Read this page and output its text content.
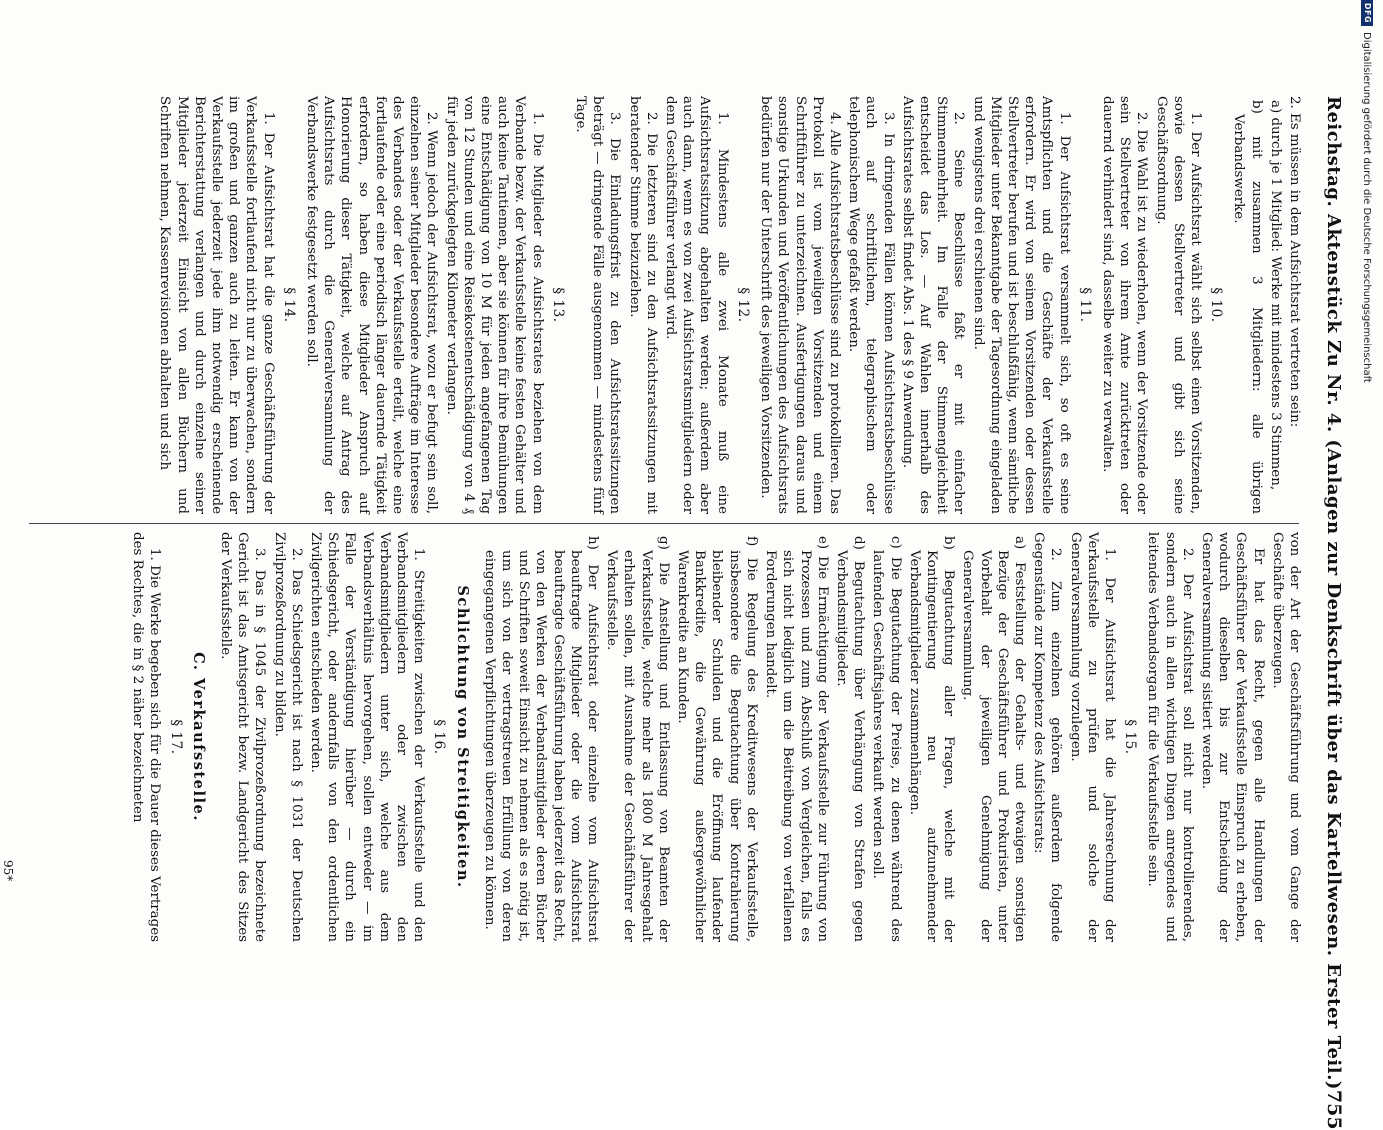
DFG
Digitalisierung gefördert durch die Deutsche Forschungsgemeinschaft
Reichstag. Aktenstück Zu Nr. 4. (Anlagen zur Denkschrift über das Kartellwesen. Erster Teil.)
755

2. Es müssen in dem Aufsichtsrat vertreten sein:

a) durch je 1 Mitglied: Werke mit mindestens 3 Stimmen,

b) mit zusammen 3 Mitgliedern: alle übrigen Verbandswerke.

§ 10.

1. Der Aufsichtsrat wählt sich selbst einen Vorsitzenden, sowie dessen Stellvertreter und gibt sich seine Geschäftsordnung.

2. Die Wahl ist zu wiederholen, wenn der Vorsitzende oder sein Stellvertreter von ihrem Amte zurücktreten oder dauernd verhindert sind, dasselbe weiter zu verwalten.

§ 11.

1. Der Aufsichtsrat versammelt sich, so oft es seine Amtspflichten und die Geschäfte der Verkaufsstelle erfordern. Er wird von seinem Vorsitzenden oder dessen Stellvertreter berufen und ist beschlußfähig, wenn sämtliche Mitglieder unter Bekanntgabe der Tagesordnung eingeladen und wenigstens drei erschienen sind.

2. Seine Beschlüsse faßt er mit einfacher Stimmenmehrheit. Im Falle der Stimmengleichheit entscheidet das Los. — Auf Wahlen innerhalb des Aufsichtsrates selbst findet Abs. 1 des § 9 Anwendung.

3. In dringenden Fällen können Aufsichtsratsbeschlüsse auch auf schriftlichem, telegraphischem oder telephonischem Wege gefaßt werden.

4. Alle Aufsichtsratsbeschlüsse sind zu protokollieren. Das Protokoll ist vom jeweiligen Vorsitzenden und einem Schriftführer zu unterzeichnen. Ausfertigungen daraus und sonstige Urkunden und Veröffentlichungen des Aufsichtsrats bedürfen nur der Unterschrift des jeweiligen Vorsitzenden.

§ 12.

1. Mindestens alle zwei Monate muß eine Aufsichtsratssitzung abgehalten werden; außerdem aber auch dann, wenn es von zwei Aufsichtsratsmitgliedern oder dem Geschäftsführer verlangt wird.

2. Die letzteren sind zu den Aufsichtsratssitzungen mit beratender Stimme beizuziehen.

3. Die Einladungsfrist zu den Aufsichtsratssitzungen beträgt — dringende Fälle ausgenommen — mindestens fünf Tage.

§ 13.

1. Die Mitglieder des Aufsichtsrates beziehen von dem Verbande bezw. der Verkaufsstelle keine festen Gehälter und auch keine Tantiemen, aber sie können für ihre Bemühungen eine Entschädigung von 10 M für jeden angefangenen Tag von 12 Stunden und eine Reisekostenentschädigung von 4 ₰ für jeden zurückgelegten Kilometer verlangen.

2. Wenn jedoch der Aufsichtsrat, wozu er befugt sein soll, einzelnen seiner Mitglieder besondere Aufträge im Interesse des Verbandes oder der Verkaufsstelle erteilt, welche eine fortlaufende oder eine periodisch länger dauernde Tätigkeit erfordern, so haben diese Mitglieder Anspruch auf Honorierung dieser Tätigkeit, welche auf Antrag des Aufsichtsrats durch die Generalversammlung der Verbandswerke festgesetzt werden soll.

§ 14.

1. Der Aufsichtsrat hat die ganze Geschäftsführung der Verkaufsstelle fortlaufend nicht nur zu überwachen, sondern im großen und ganzen auch zu leiten. Er kann von der Verkaufsstelle jederzeit jede ihm notwendig erscheinende Berichterstattung verlangen und durch einzelne seiner Mitglieder jederzeit Einsicht von allen Büchern und Schriften nehmen, Kassenrevisionen abhalten und sich

von der Art der Geschäftsführung und vom Gange der Geschäfte überzeugen.

Er hat das Recht, gegen alle Handlungen der Geschäftsführer der Verkaufsstelle Einspruch zu erheben, wodurch dieselben bis zur Entscheidung der Generalversammlung sistiert werden.

2. Der Aufsichtsrat soll nicht nur kontrollierendes, sondern auch in allen wichtigen Dingen anregendes und leitendes Verbandsorgan für die Verkaufsstelle sein.

§ 15.

1. Der Aufsichtsrat hat die Jahresrechnung der Verkaufsstelle zu prüfen und solche der Generalversammlung vorzulegen.

2. Zum einzelnen gehören außerdem folgende Gegenstände zur Kompetenz des Aufsichtsrats:

a) Feststellung der Gehalts- und etwaigen sonstigen Bezüge der Geschäftsführer und Prokuristen, unter Vorbehalt der jeweiligen Genehmigung der Generalversammlung.

b) Begutachtung aller Fragen, welche mit der Kontingentierung neu aufzunehmender Verbandsmitglieder zusammenhängen.

c) Die Begutachtung der Preise, zu denen während des laufenden Geschäftsjahres verkauft werden soll.

d) Begutachtung über Verhängung von Strafen gegen Verbandsmitglieder.

e) Die Ermächtigung der Verkaufsstelle zur Führung von Prozessen und zum Abschluß von Vergleichen, falls es sich nicht lediglich um die Beitreibung von verfallenen Forderungen handelt.

f) Die Regelung des Kreditwesens der Verkaufsstelle, insbesondere die Begutachtung über Kontrahierung bleibender Schulden und die Eröffnung laufender Bankkredite, die Gewährung außergewöhnlicher Warenkredite an Kunden.

g) Die Anstellung und Entlassung von Beamten der Verkaufsstelle, welche mehr als 1800 M Jahresgehalt erhalten sollen, mit Ausnahme der Geschäftsführer der Verkaufsstelle.

h) Der Aufsichtsrat oder einzelne vom Aufsichtsrat beauftragte Mitglieder oder die vom Aufsichtsrat beauftragte Geschäftsführung haben jederzeit das Recht, von den Werken der Verbandsmitglieder deren Bücher und Schriften soweit Einsicht zu nehmen als es nötig ist, um sich von der vertragstreuen Erfüllung von deren eingegangenen Verpflichtungen überzeugen zu können.

Schlichtung von Streitigkeiten.
§ 16.

1. Streitigkeiten zwischen der Verkaufsstelle und den Verbandsmitgliedern oder zwischen den Verbandsmitgliedern unter sich, welche aus dem Verbandsverhältnis hervorgehen, sollen entweder — im Falle der Verständigung hierüber — durch ein Schiedsgericht, oder andernfalls von den ordentlichen Zivilgerichten entschieden werden.

2. Das Schiedsgericht ist nach § 1031 der Deutschen Zivilprozeßordnung zu bilden.

3. Das in § 1045 der Zivilprozeßordnung bezeichnete Gericht ist das Amtsgericht bezw. Landgericht des Sitzes der Verkaufsstelle.

C. Verkaufsstelle.
§ 17.

1. Die Werke begeben sich für die Dauer dieses Vertrages des Rechtes, die in § 2 näher bezeichneten

95*
